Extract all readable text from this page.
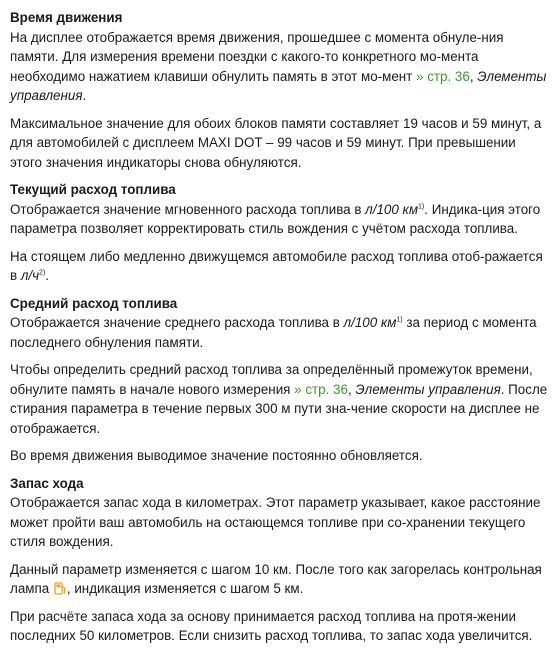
Время движения

На дисплее отображается время движения, прошедшее с момента обнуле-ния памяти. Для измерения времени поездки с какого-то конкретного мо-мента необходимо нажатием клавиши обнулить память в этот мо-мент » стр. 36, Элементы управления.

Максимальное значение для обоих блоков памяти составляет 19 часов и 59 минут, а для автомобилей с дисплеем MAXI DOT – 99 часов и 59 минут. При превышении этого значения индикаторы снова обнуляются.

Текущий расход топлива

Отображается значение мгновенного расхода топлива в л/100 $км^{1)}$. Индика-ция этого параметра позволяет корректировать стиль вождения с учётом расхода топлива.

На стоящем либо медленно движущемся автомобиле расход топлива отоб-ражается в $л/ч^{2)}$.

Средний расход топлива

Отображается значение среднего расхода топлива в л/100 $км^{1)}$ за период с момента последнего обнуления памяти.

Чтобы определить средний расход топлива за определённый промежуток времени, обнулите память в начале нового измерения » стр. 36, Элементы управления. После стирания параметра в течение первых 300 м пути зна-чение скорости на дисплее не отображается.

Во время движения выводимое значение постоянно обновляется.

Запас хода

Отображается запас хода в километрах. Этот параметр указывает, какое расстояние может пройти ваш автомобиль на остающемся топливе при со-хранении текущего стиля вождения.

Данный параметр изменяется с шагом 10 км. После того как загорелась контрольная лампа , индикация изменяется с шагом 5 км.

При расчёте запаса хода за основу принимается расход топлива на протя-жении последних 50 километров. Если снизить расход топлива, то запас хода увеличится.
